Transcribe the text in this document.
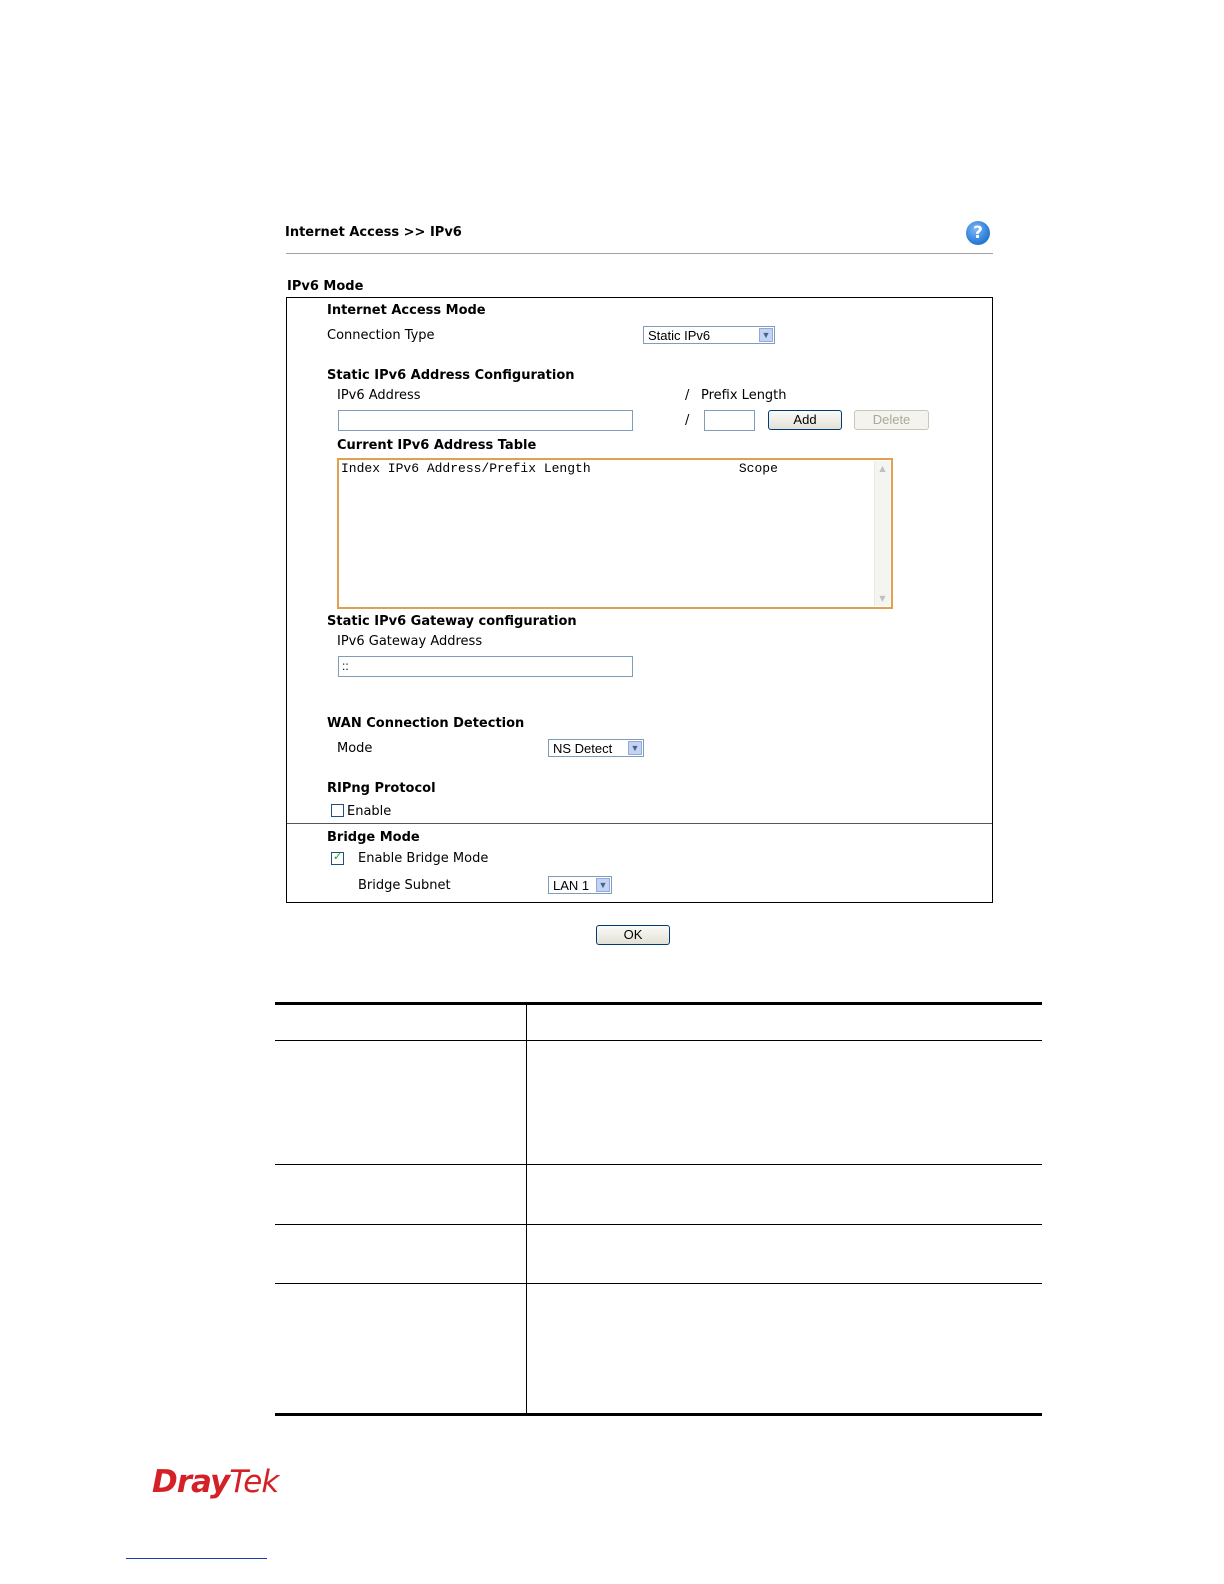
Internet Access >> IPv6	?
IPv6 Mode
Internet Access Mode
Connection Type	Static IPv6	▼
Static IPv6 Address Configuration
IPv6 Address	/ Prefix Length
/	Add	Delete
Current IPv6 Address Table
Index IPv6 Address/Prefix Length                   Scope	▲
▼
Static IPv6 Gateway configuration
IPv6 Gateway Address
::
WAN Connection Detection
Mode	NS Detect ▼
RIPng Protocol
Enable
Bridge Mode
✓ Enable Bridge Mode
Bridge Subnet	LAN 1 ▼
OK
DrayTek
